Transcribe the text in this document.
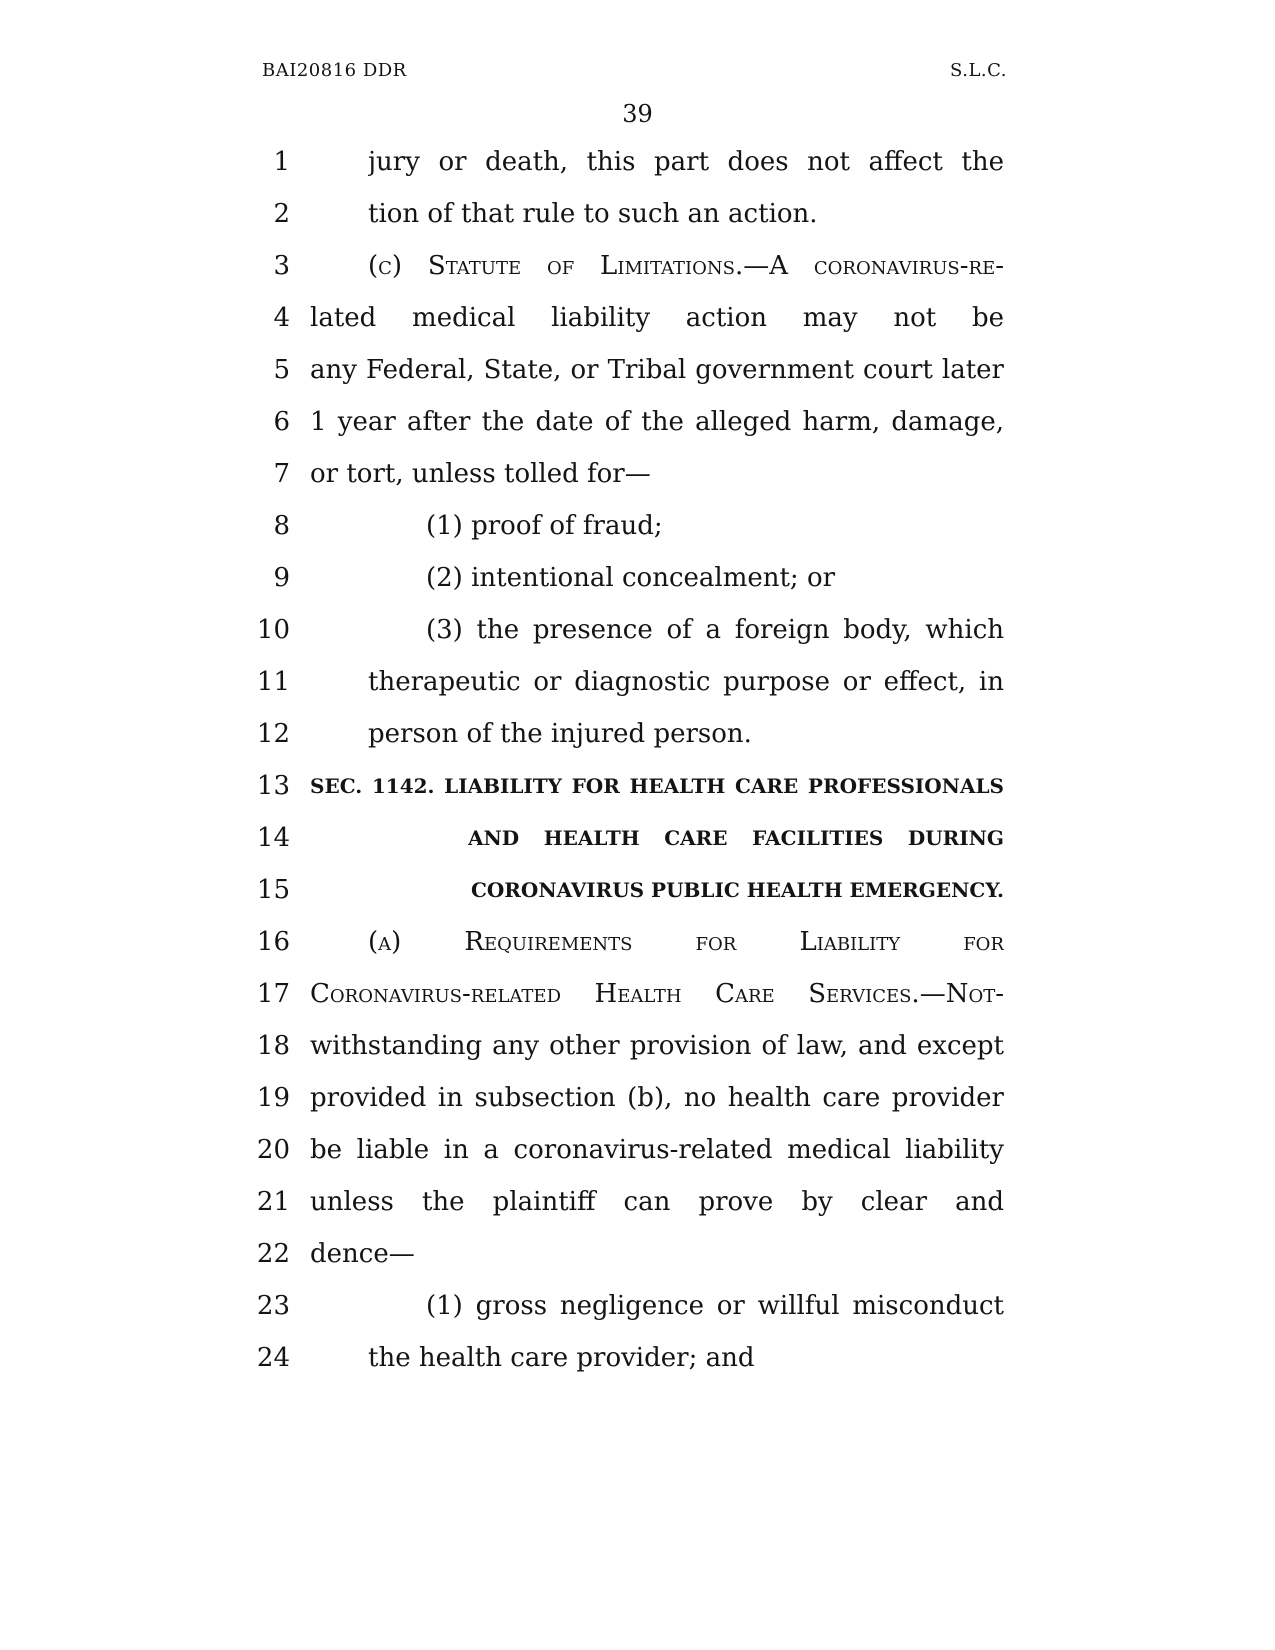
BAI20816 DDR	S.L.C.
39
1	jury or death, this part does not affect the
2	tion of that rule to such an action.
3	(c) Statute of Limitations.—A coronavirus-re-
4 lated medical liability action may not be
5 any Federal, State, or Tribal government court later
6 1 year after the date of the alleged harm, damage,
7 or tort, unless tolled for—
8	(1) proof of fraud;
9	(2) intentional concealment; or
10	(3) the presence of a foreign body, which
11	therapeutic or diagnostic purpose or effect, in
12	person of the injured person.
13 SEC. 1142. LIABILITY FOR HEALTH CARE PROFESSIONALS
14	AND HEALTH CARE FACILITIES DURING
15	CORONAVIRUS PUBLIC HEALTH EMERGENCY.
16	(a) Requirements for Liability for
17 Coronavirus-related Health Care Services.—Not-
18 withstanding any other provision of law, and except
19 provided in subsection (b), no health care provider
20 be liable in a coronavirus-related medical liability
21 unless the plaintiff can prove by clear and
22 dence—
23	(1) gross negligence or willful misconduct
24	the health care provider; and
